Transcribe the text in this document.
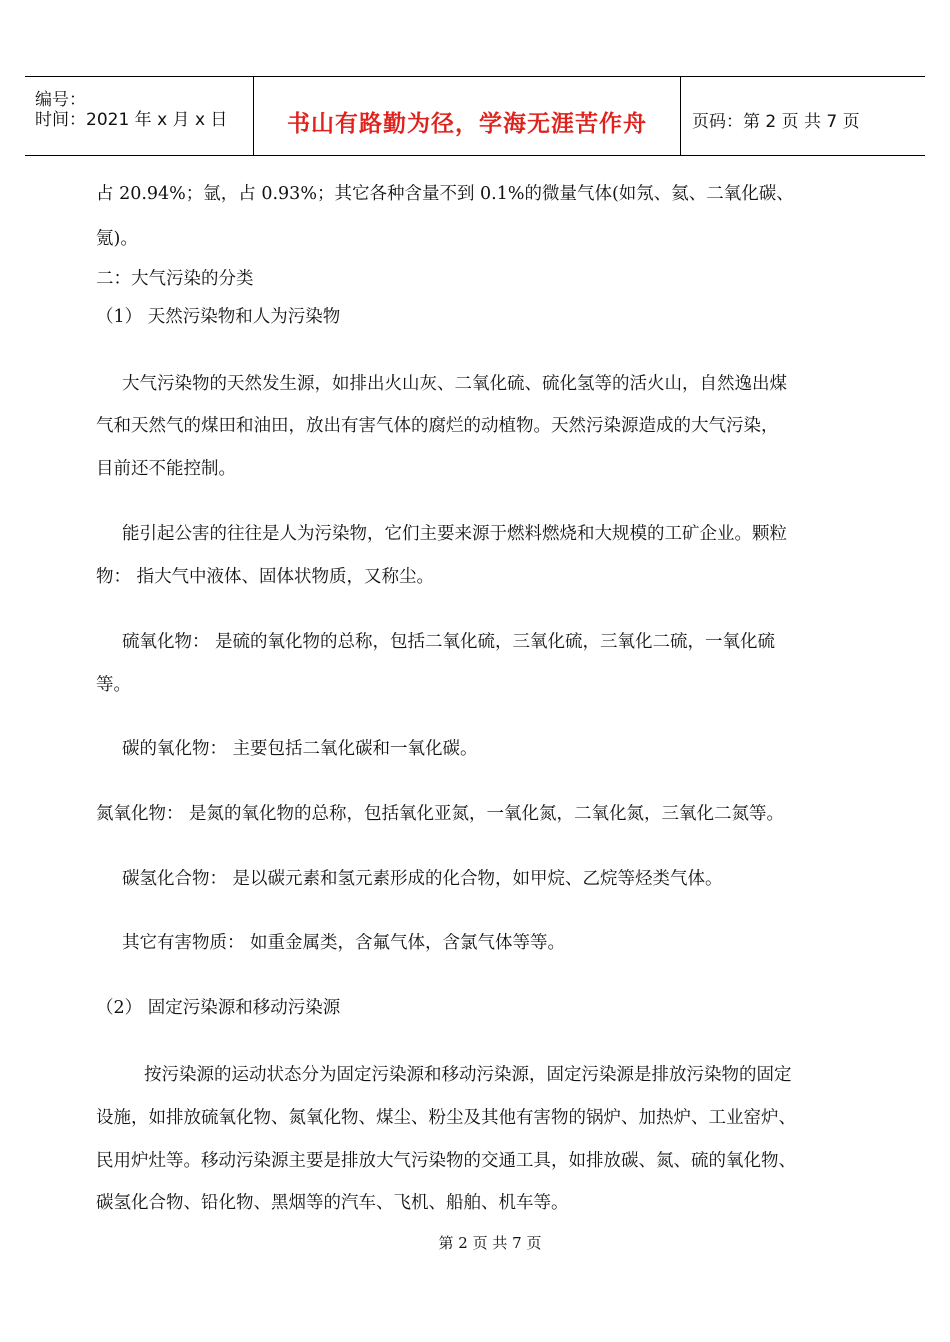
编号：
时间：2021 年 x 月 x 日	书山有路勤为径，学海无涯苦作舟	页码：第 2 页 共 7 页
占 20.94%；氩，占 0.93%；其它各种含量不到 0.1%的微量气体(如氖、氦、二氧化碳、
氪)。
二：大气污染的分类
（1） 天然污染物和人为污染物
大气污染物的天然发生源，如排出火山灰、二氧化硫、硫化氢等的活火山，自然逸出煤
气和天然气的煤田和油田，放出有害气体的腐烂的动植物。天然污染源造成的大气污染，
目前还不能控制。
能引起公害的往往是人为污染物，它们主要来源于燃料燃烧和大规模的工矿企业。颗粒
物： 指大气中液体、固体状物质，又称尘。
硫氧化物： 是硫的氧化物的总称，包括二氧化硫，三氧化硫，三氧化二硫，一氧化硫
等。
碳的氧化物： 主要包括二氧化碳和一氧化碳。
氮氧化物： 是氮的氧化物的总称，包括氧化亚氮，一氧化氮，二氧化氮，三氧化二氮等。
碳氢化合物： 是以碳元素和氢元素形成的化合物，如甲烷、乙烷等烃类气体。
其它有害物质： 如重金属类，含氟气体，含氯气体等等。
（2） 固定污染源和移动污染源
按污染源的运动状态分为固定污染源和移动污染源，固定污染源是排放污染物的固定
设施，如排放硫氧化物、氮氧化物、煤尘、粉尘及其他有害物的锅炉、加热炉、工业窑炉、
民用炉灶等。移动污染源主要是排放大气污染物的交通工具，如排放碳、氮、硫的氧化物、
碳氢化合物、铅化物、黑烟等的汽车、飞机、船舶、机车等。
第 2 页 共 7 页
